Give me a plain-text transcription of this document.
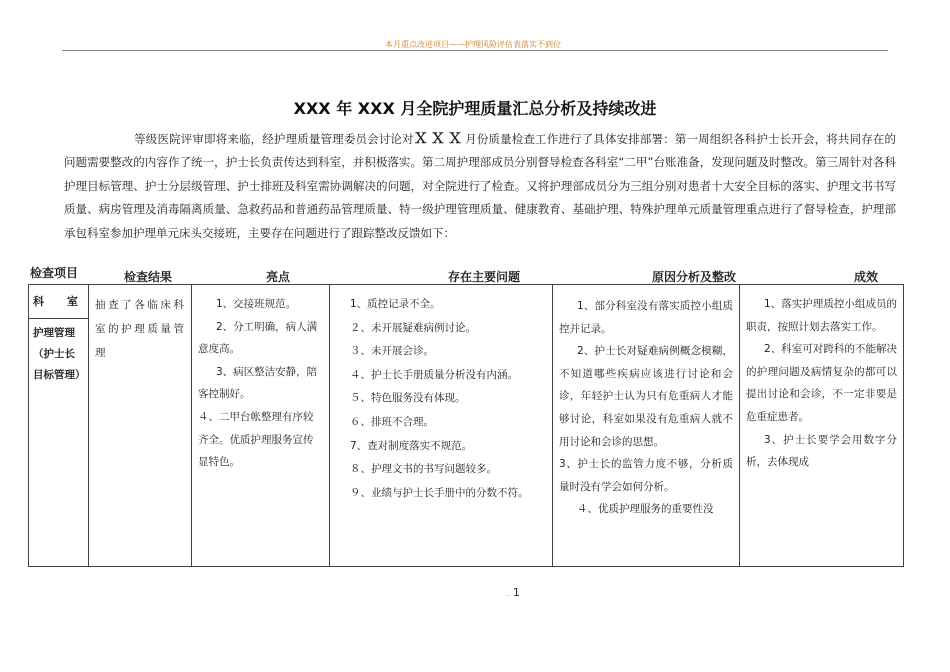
本月重点改进项目——护理风险评估表落实不到位
XXX 年 XXX 月全院护理质量汇总分析及持续改进
等级医院评审即将来临，经护理质量管理委员会讨论对ＸＸＸ月份质量检查工作进行了具体安排部署：第一周组织各科护士长开会，将共同存在的问题需要整改的内容作了统一，护士长负责传达到科室，并积极落实。第二周护理部成员分别督导检查各科室“二甲”台账准备，发现问题及时整改。第三周针对各科护理目标管理、护士分层级管理、护士排班及科室需协调解决的问题，对全院进行了检查。又将护理部成员分为三组分别对患者十大安全目标的落实、护理文书书写质量、病房管理及消毒隔离质量、急救药品和普通药品管理质量、特一级护理管理质量、健康教育、基础护理、特殊护理单元质量管理重点进行了督导检查，护理部承包科室参加护理单元床头交接班，主要存在问题进行了跟踪整改反馈如下：
检查项目	检查结果	亮点	存在主要问题	原因分析及整改	成效
科　室
护理管理（护士长目标管理）

抽查了各临床科室的护理质量管理

1、交接班规范。
2、分工明确，病人满意度高。
3、病区整洁安静，陪客控制好。
４、二甲台帐整理有序较齐全。优质护理服务宣传显特色。

1、质控记录不全。
２、未开展疑难病例讨论。
３、未开展会诊。
４、护士长手册质量分析没有内涵。
５、特色服务没有体现。
６、排班不合理。
7、查对制度落实不规范。
８、护理文书的书写问题较多。
９、业绩与护士长手册中的分数不符。

1、部分科室没有落实质控小组质控并记录。
2、护士长对疑难病例概念模糊，不知道哪些疾病应该进行讨论和会诊，年轻护士认为只有危重病人才能够讨论，科室如果没有危重病人就不用讨论和会诊的思想。
3、护士长的监管力度不够，分析质量时没有学会如何分析。
４、优质护理服务的重要性没

1、落实护理质控小组成员的职责，按照计划去落实工作。
2、科室可对跨科的不能解决的护理问题及病情复杂的都可以提出讨论和会诊，不一定非要是危重症患者。
3、护士长要学会用数字分析，去体现成
. 1
